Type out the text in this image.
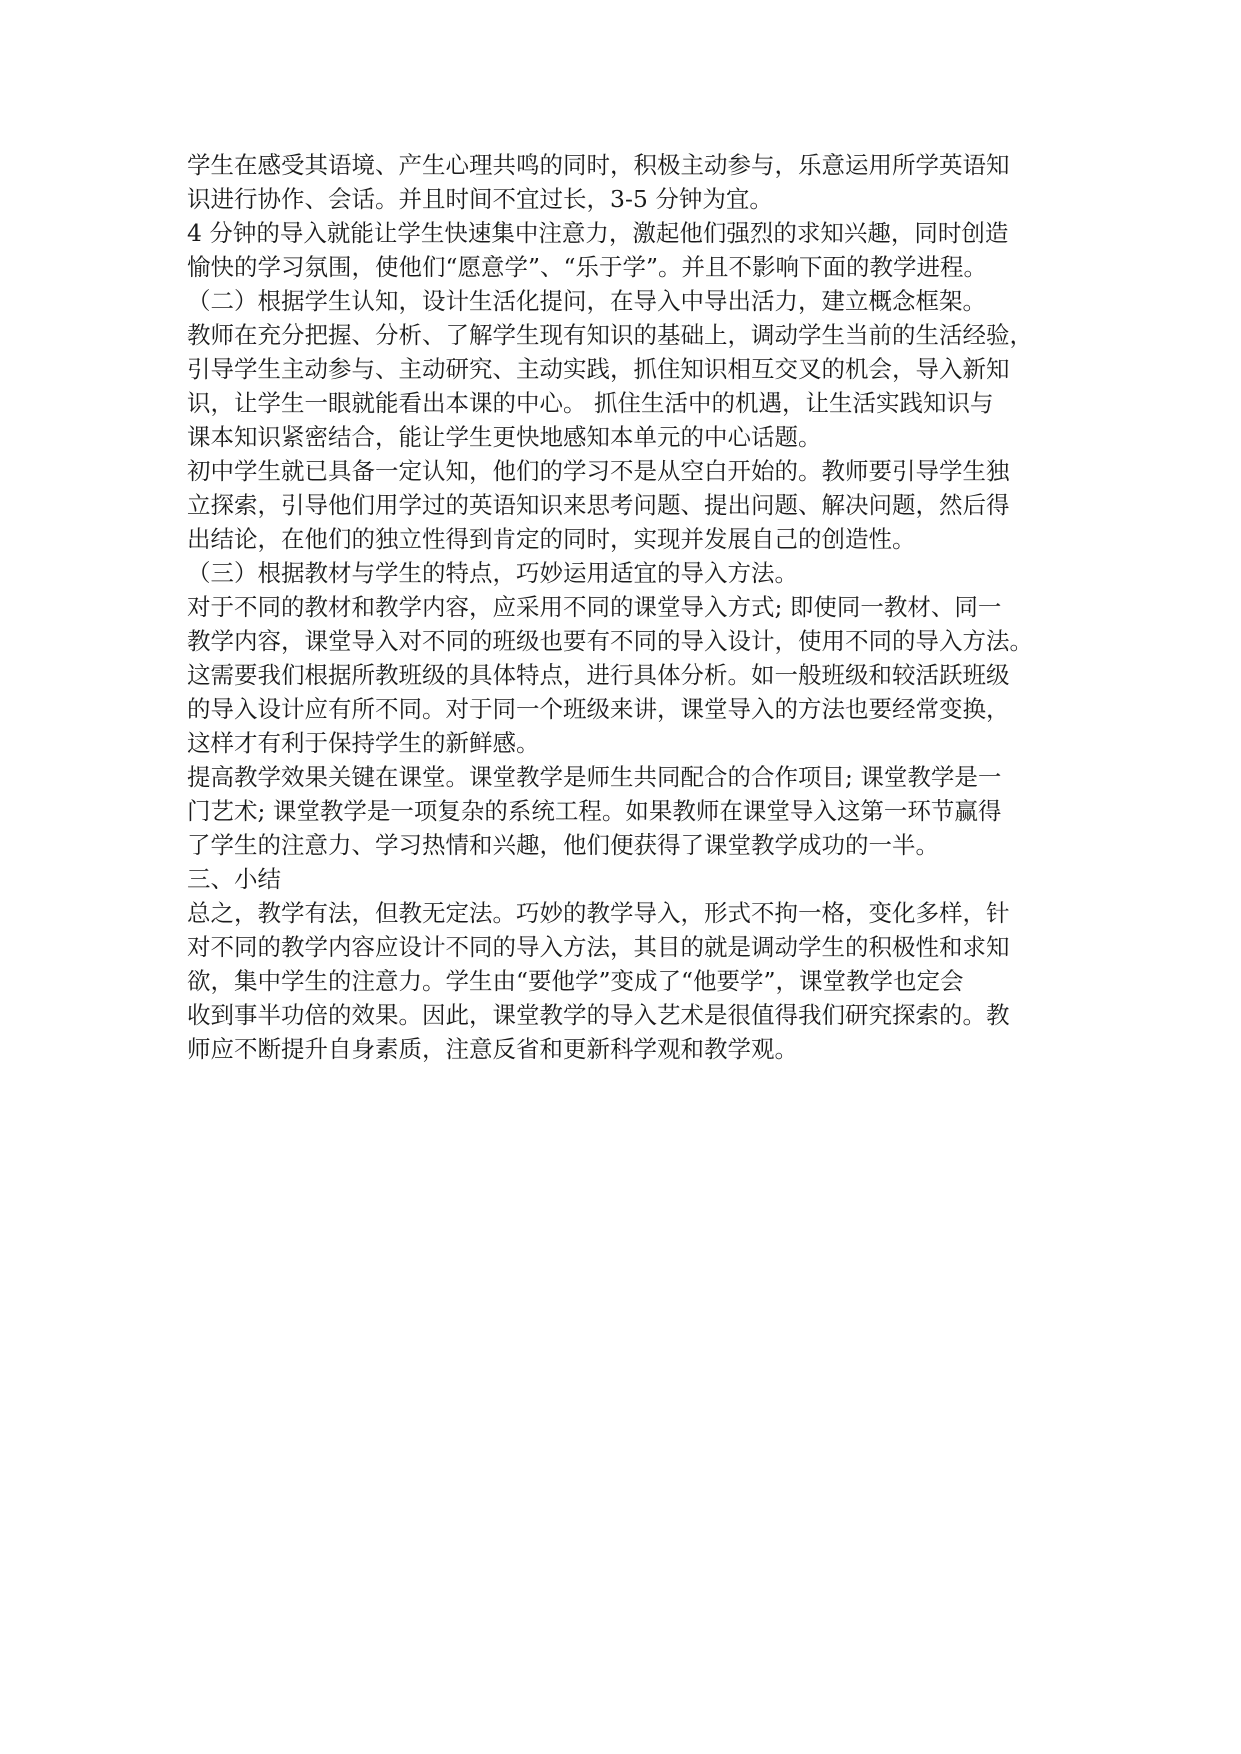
学生在感受其语境、产生心理共鸣的同时，积极主动参与，乐意运用所学英语知
识进行协作、会话。并且时间不宜过长，3-5 分钟为宜。
4 分钟的导入就能让学生快速集中注意力，激起他们强烈的求知兴趣，同时创造
愉快的学习氛围，使他们“愿意学”、“乐于学”。并且不影响下面的教学进程。
（二）根据学生认知，设计生活化提问，在导入中导出活力，建立概念框架。
教师在充分把握、分析、了解学生现有知识的基础上，调动学生当前的生活经验，
引导学生主动参与、主动研究、主动实践，抓住知识相互交叉的机会，导入新知
识，让学生一眼就能看出本课的中心。 抓住生活中的机遇，让生活实践知识与
课本知识紧密结合，能让学生更快地感知本单元的中心话题。
初中学生就已具备一定认知，他们的学习不是从空白开始的。教师要引导学生独
立探索，引导他们用学过的英语知识来思考问题、提出问题、解决问题，然后得
出结论，在他们的独立性得到肯定的同时，实现并发展自己的创造性。
（三）根据教材与学生的特点，巧妙运用适宜的导入方法。
对于不同的教材和教学内容，应采用不同的课堂导入方式; 即使同一教材、同一
教学内容，课堂导入对不同的班级也要有不同的导入设计，使用不同的导入方法。
这需要我们根据所教班级的具体特点，进行具体分析。如一般班级和较活跃班级
的导入设计应有所不同。对于同一个班级来讲，课堂导入的方法也要经常变换，
这样才有利于保持学生的新鲜感。
提高教学效果关键在课堂。课堂教学是师生共同配合的合作项目; 课堂教学是一
门艺术; 课堂教学是一项复杂的系统工程。如果教师在课堂导入这第一环节赢得
了学生的注意力、学习热情和兴趣，他们便获得了课堂教学成功的一半。
三、小结
总之，教学有法，但教无定法。巧妙的教学导入，形式不拘一格，变化多样，针
对不同的教学内容应设计不同的导入方法，其目的就是调动学生的积极性和求知
欲，集中学生的注意力。学生由“要他学”变成了“他要学”，课堂教学也定会
收到事半功倍的效果。因此，课堂教学的导入艺术是很值得我们研究探索的。教
师应不断提升自身素质，注意反省和更新科学观和教学观。
